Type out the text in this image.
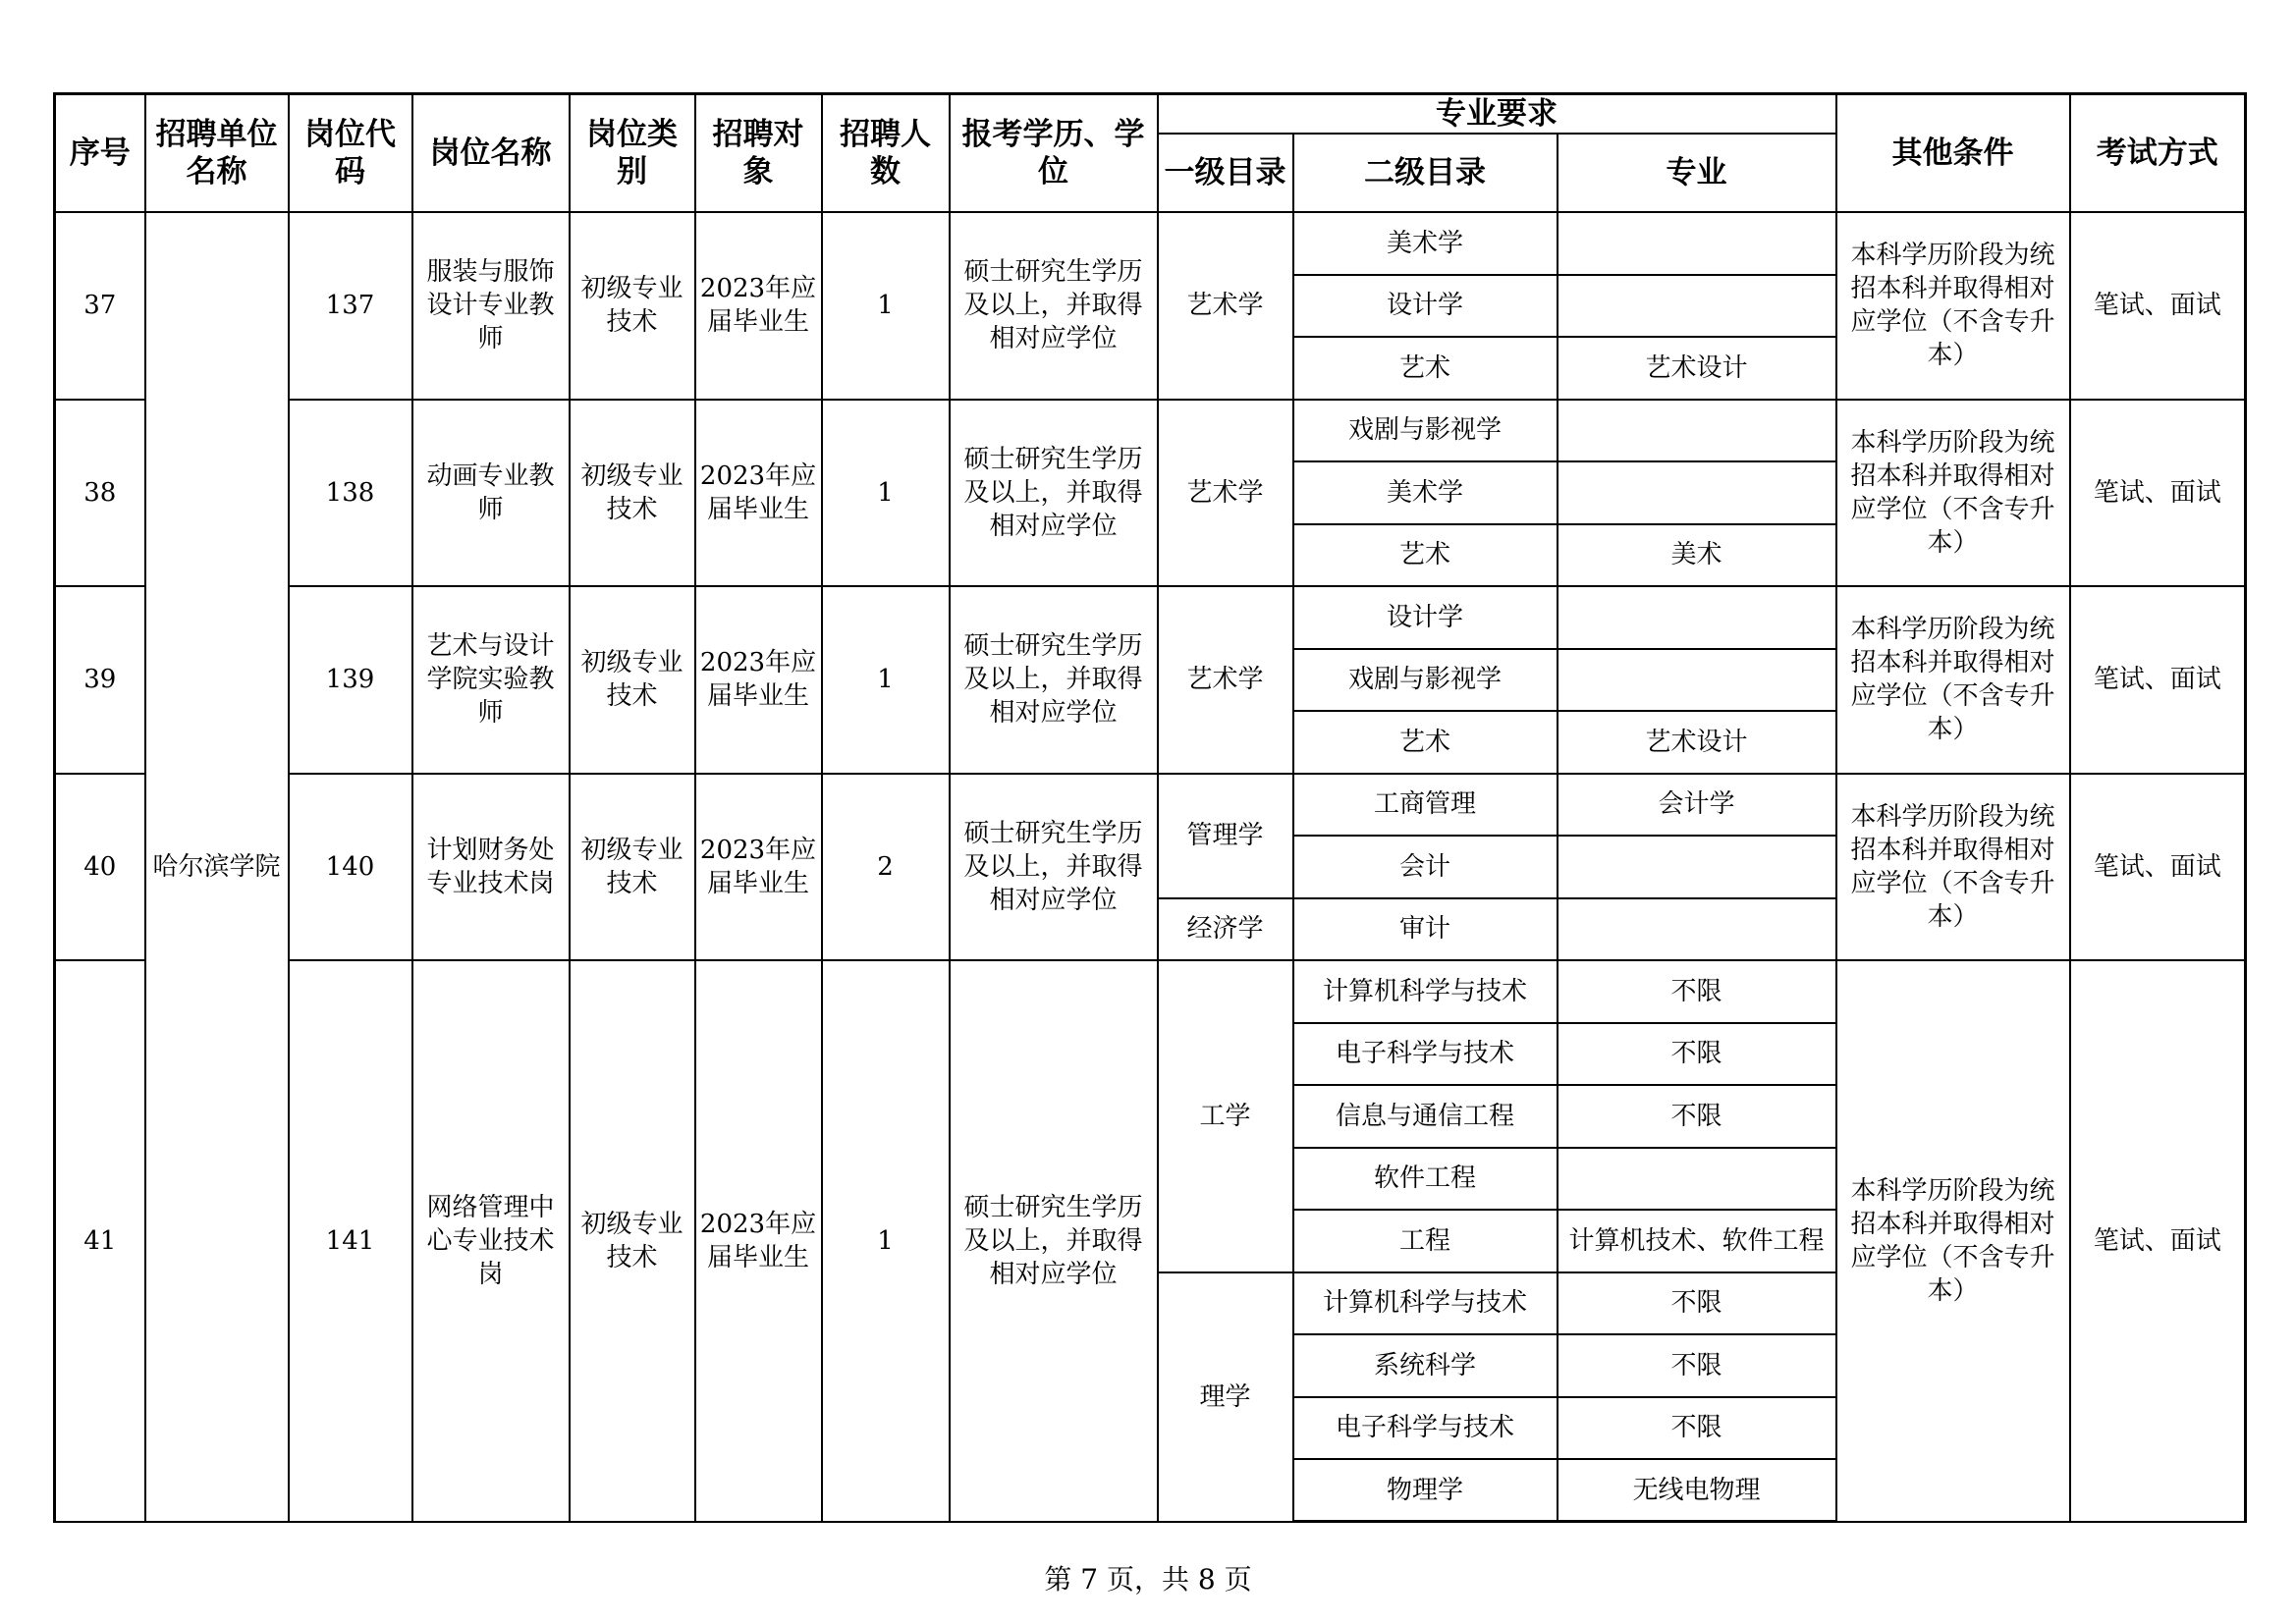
序号	招聘单位名称	岗位代码	岗位名称	岗位类别	招聘对象	招聘人数	报考学历、学位	专业要求			其他条件	考试方式
								一级目录	二级目录	专业		
37	哈尔滨学院	137	服装与服饰设计专业教师	初级专业技术	2023年应届毕业生	1	硕士研究生学历及以上，并取得相对应学位	艺术学	美术学		本科学历阶段为统招本科并取得相对应学位（不含专升本）	笔试、面试
									设计学			
									艺术	艺术设计		
38		138	动画专业教师	初级专业技术	2023年应届毕业生	1	硕士研究生学历及以上，并取得相对应学位	艺术学	戏剧与影视学		本科学历阶段为统招本科并取得相对应学位（不含专升本）	笔试、面试
									美术学			
									艺术	美术		
39		139	艺术与设计学院实验教师	初级专业技术	2023年应届毕业生	1	硕士研究生学历及以上，并取得相对应学位	艺术学	设计学		本科学历阶段为统招本科并取得相对应学位（不含专升本）	笔试、面试
									戏剧与影视学			
									艺术	艺术设计		
40		140	计划财务处专业技术岗	初级专业技术	2023年应届毕业生	2	硕士研究生学历及以上，并取得相对应学位	管理学	工商管理	会计学	本科学历阶段为统招本科并取得相对应学位（不含专升本）	笔试、面试
									会计			
								经济学	审计			
41		141	网络管理中心专业技术岗	初级专业技术	2023年应届毕业生	1	硕士研究生学历及以上，并取得相对应学位	工学	计算机科学与技术	不限	本科学历阶段为统招本科并取得相对应学位（不含专升本）	笔试、面试
									电子科学与技术	不限		
									信息与通信工程	不限		
									软件工程			
									工程	计算机技术、软件工程		
								理学	计算机科学与技术	不限		
									系统科学	不限		
									电子科学与技术	不限		
									物理学	无线电物理		
第 7 页，共 8 页
